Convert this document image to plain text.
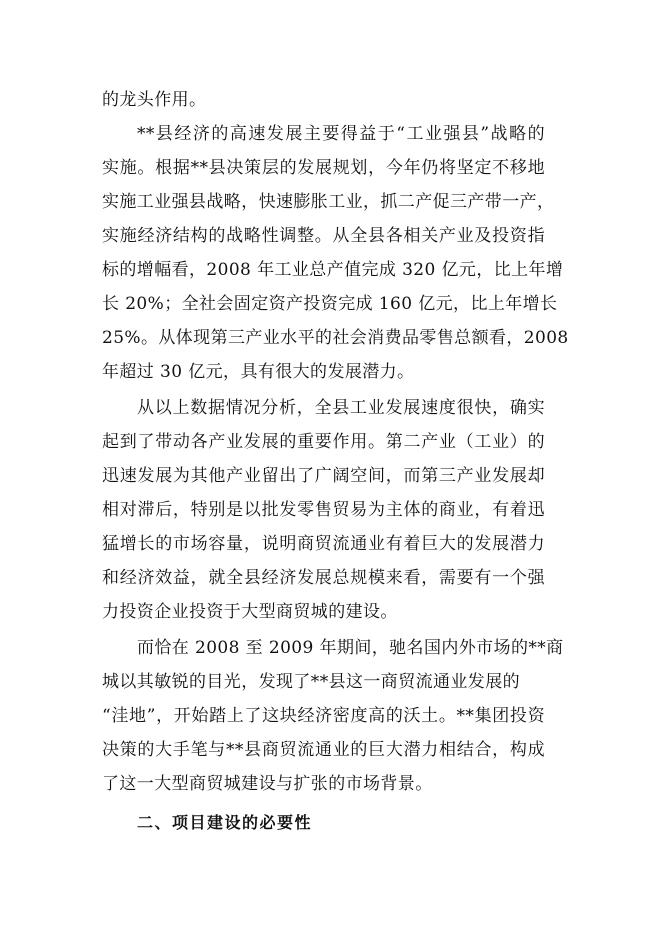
的龙头作用。
**县经济的高速发展主要得益于“工业强县”战略的
实施。根据**县决策层的发展规划，今年仍将坚定不移地
实施工业强县战略，快速膨胀工业，抓二产促三产带一产，
实施经济结构的战略性调整。从全县各相关产业及投资指
标的增幅看，2008 年工业总产值完成 320 亿元，比上年增
长 20%；全社会固定资产投资完成 160 亿元，比上年增长
25%。从体现第三产业水平的社会消费品零售总额看，2008
年超过 30 亿元，具有很大的发展潜力。
从以上数据情况分析，全县工业发展速度很快，确实
起到了带动各产业发展的重要作用。第二产业（工业）的
迅速发展为其他产业留出了广阔空间，而第三产业发展却
相对滞后，特别是以批发零售贸易为主体的商业，有着迅
猛增长的市场容量，说明商贸流通业有着巨大的发展潜力
和经济效益，就全县经济发展总规模来看，需要有一个强
力投资企业投资于大型商贸城的建设。
而恰在 2008 至 2009 年期间，驰名国内外市场的**商
城以其敏锐的目光，发现了**县这一商贸流通业发展的
“洼地”，开始踏上了这块经济密度高的沃土。**集团投资
决策的大手笔与**县商贸流通业的巨大潜力相结合，构成
了这一大型商贸城建设与扩张的市场背景。
二、项目建设的必要性
